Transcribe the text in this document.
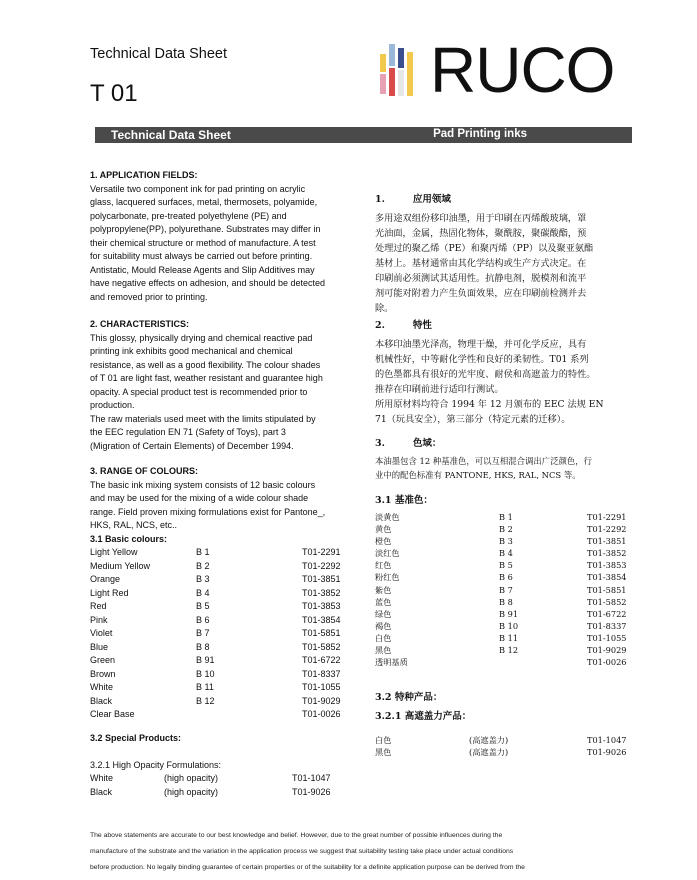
Technical Data Sheet
T 01	RUCO
Technical Data Sheet	Pad Printing inks
1. APPLICATION FIELDS:

Versatile two component ink for pad printing on acrylic

glass, lacquered surfaces, metal, thermosets, polyamide,

polycarbonate, pre-treated polyethylene (PE) and

polypropylene(PP), polyurethane. Substrates may differ in

their chemical structure or method of manufacture. A test

for suitability must always be carried out before printing.

Antistatic, Mould Release Agents and Slip Additives may

have negative effects on adhesion, and should be detected

and removed prior to printing.

2. CHARACTERISTICS:

This glossy, physically drying and chemical reactive pad

printing ink exhibits good mechanical and chemical

resistance, as well as a good flexibility. The colour shades

of T 01 are light fast, weather resistant and guarantee high

opacity. A special product test is recommended prior to

production.

The raw materials used meet with the limits stipulated by

the EEC regulation EN 71 (Safety of Toys), part 3

(Migration of Certain Elements) of December 1994.

3. RANGE OF COLOURS:

The basic ink mixing system consists of 12 basic colours

and may be used for the mixing of a wide colour shade

range. Field proven mixing formulations exist for Pantone_,

HKS, RAL, NCS, etc..

3.1 Basic colours:
Light Yellow	B 1	T01-2291
Medium Yellow	B 2	T01-2292
Orange	B 3	T01-3851
Light Red	B 4	T01-3852
Red	B 5	T01-3853
Pink	B 6	T01-3854
Violet	B 7	T01-5851
Blue	B 8	T01-5852
Green	B 91	T01-6722
Brown	B 10	T01-8337
White	B 11	T01-1055
Black	B 12	T01-9029
Clear Base	T01-0026
3.2 Special Products:
3.2.1 High Opacity Formulations:
White	(high opacity)	T01-1047
Black	(high opacity)	T01-9026
1.	应用领域

多用途双组份移印油墨，用于印刷在丙烯酸玻璃，罩

光油面，金属，热固化物体，聚酰胺，聚碳酸酯，预

处理过的聚乙烯（PE）和聚丙烯（PP）以及聚亚氨酯

基材上。基材通常由其化学结构或生产方式决定。在

印刷前必须测试其适用性。抗静电剂，脱模剂和流平

剂可能对附着力产生负面效果，应在印刷前检测并去

除。

2.	特性

本移印油墨光泽高，物理干燥，并可化学反应，具有

机械性好，中等耐化学性和良好的柔韧性。T01 系列

的色墨都具有很好的光牢度、耐侯和高遮盖力的特性。

推荐在印刷前进行适印行测试。

所用原材料均符合 1994 年 12 月颁布的 EEC 法规 EN

71（玩具安全），第三部分（特定元素的迁移）。

3.	色域：

本油墨包含 12 种基准色，可以互相混合调出广泛颜色，行

业中的配色标准有 PANTONE, HKS, RAL, NCS 等。

3.1 基准色：
淡黄色	B 1	T01-2291
黄色	B 2	T01-2292
橙色	B 3	T01-3851
淡红色	B 4	T01-3852
红色	B 5	T01-3853
粉红色	B 6	T01-3854
紫色	B 7	T01-5851
蓝色	B 8	T01-5852
绿色	B 91	T01-6722
褐色	B 10	T01-8337
白色	B 11	T01-1055
黑色	B 12	T01-9029
透明基质	T01-0026
3.2 特种产品：
3.2.1 高遮盖力产品：
白色	(高遮盖力)	T01-1047
黑色	(高遮盖力)	T01-9026

The above statements are accurate to our best knowledge and belief. However, due to the great number of possible influences during the

manufacture of the substrate and the variation in the application process we suggest that suitability testing take place under actual conditions

before production. No legally binding guarantee of certain properties or of the suitability for a definite application purpose can be derived from the
